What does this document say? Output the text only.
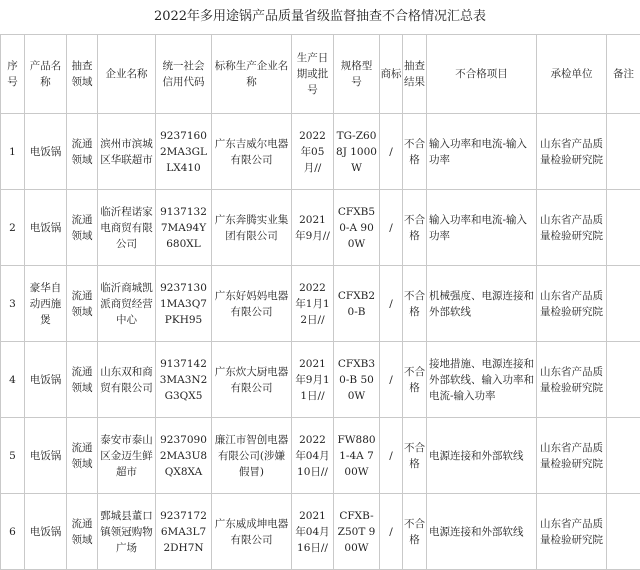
2022年多用途锅产品质量省级监督抽查不合格情况汇总表
序号	产品名称	抽查领域	企业名称	统一社会信用代码	标称生产企业名称	生产日期或批号	规格型号	商标	抽查结果	不合格项目	承检单位	备注
1	电饭锅	流通领域	滨州市滨城区华联超市	92371602MA3GLLX410	广东吉威尔电器有限公司	2022年05月//	TG-Z608J 1000W	/	不合格	输入功率和电流-输入功率	山东省产品质量检验研究院	
2	电饭锅	流通领域	临沂程诺家电商贸有限公司	91371327MA94Y680XL	广东奔腾实业集团有限公司	2021年9月//	CFXB50-A 900W	/	不合格	输入功率和电流-输入功率	山东省产品质量检验研究院	
3	豪华自动西施煲	流通领域	临沂商城凯派商贸经营中心	92371301MA3Q7PKH95	广东好妈妈电器有限公司	2022年1月12日//	CFXB20-B	/	不合格	机械强度、电源连接和外部软线	山东省产品质量检验研究院	
4	电饭锅	流通领域	山东双和商贸有限公司	91371423MA3N2G3QX5	广东炊大厨电器有限公司	2021年9月11日//	CFXB30-B 500W	/	不合格	接地措施、电源连接和外部软线、输入功率和电流-输入功率	山东省产品质量检验研究院	
5	电饭锅	流通领域	泰安市泰山区金迈生鲜超市	92370902MA3U8QX8XA	廉江市智创电器有限公司(涉嫌假冒)	2022年04月10日//	FW8801-4A 700W	/	不合格	电源连接和外部软线	山东省产品质量检验研究院	
6	电饭锅	流通领域	鄄城县董口镇领冠购物广场	92371726MA3L72DH7N	广东威成坤电器有限公司	2021年04月16日//	CFXB-Z50T 900W	/	不合格	电源连接和外部软线	山东省产品质量检验研究院	
